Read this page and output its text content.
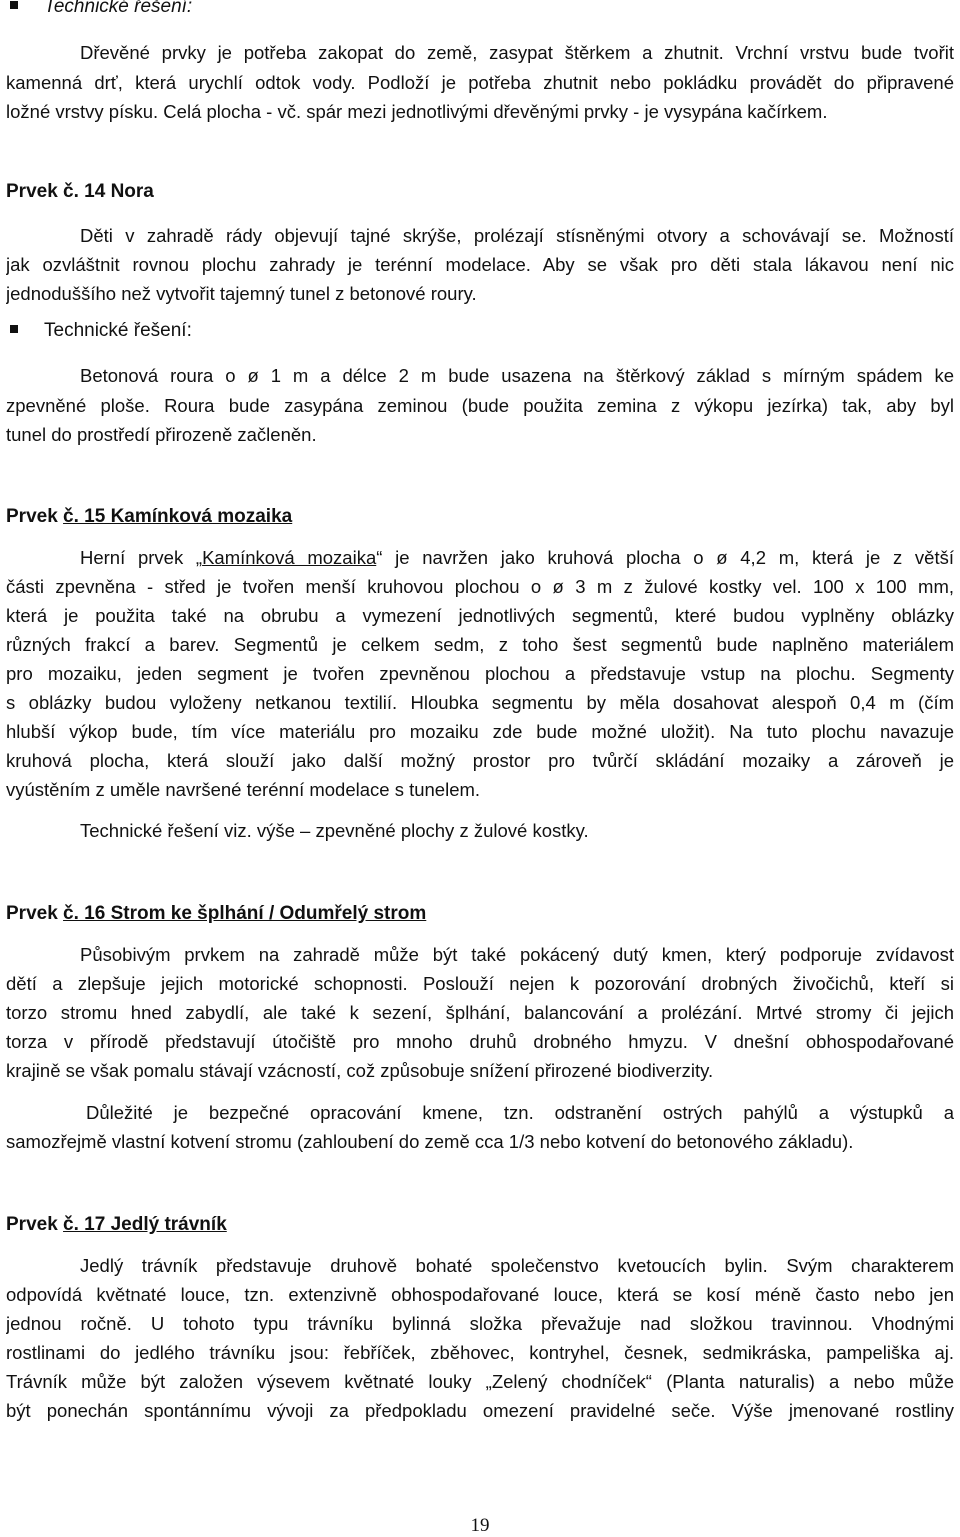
Technické řešení:
Dřevěné prvky je potřeba zakopat do země, zasypat štěrkem a zhutnit. Vrchní vrstvu bude tvořit
kamenná drť, která urychlí odtok vody. Podloží je potřeba zhutnit nebo pokládku provádět do připravené
ložné vrstvy písku. Celá plocha - vč. spár mezi jednotlivými dřevěnými prvky - je vysypána kačírkem.
Prvek č. 14 Nora
Děti v zahradě rády objevují tajné skrýše, prolézají stísněnými otvory a schovávají se. Možností
jak ozvláštnit rovnou plochu zahrady je terénní modelace. Aby se však pro děti stala lákavou není nic
jednoduššího než vytvořit tajemný tunel z betonové roury.
Technické řešení:
Betonová roura o ø 1 m a délce 2 m bude usazena na štěrkový základ s mírným spádem ke
zpevněné ploše. Roura bude zasypána zeminou (bude použita zemina z výkopu jezírka) tak, aby byl
tunel do prostředí přirozeně začleněn.
Prvek č. 15 Kamínková mozaika
Herní prvek „Kamínková mozaika“ je navržen jako kruhová plocha o ø 4,2 m, která je z větší
části zpevněna - střed je tvořen menší kruhovou plochou o ø 3 m z žulové kostky vel. 100 x 100 mm,
která je použita také na obrubu a vymezení jednotlivých segmentů, které budou vyplněny oblázky
různých frakcí a barev. Segmentů je celkem sedm, z toho šest segmentů bude naplněno materiálem
pro mozaiku, jeden segment je tvořen zpevněnou plochou a představuje vstup na plochu. Segmenty
s oblázky budou vyloženy netkanou textilií. Hloubka segmentu by měla dosahovat alespoň 0,4 m (čím
hlubší výkop bude, tím více materiálu pro mozaiku zde bude možné uložit). Na tuto plochu navazuje
kruhová plocha, která slouží jako další možný prostor pro tvůrčí skládání mozaiky a zároveň je
vyústěním z uměle navršené terénní modelace s tunelem.
Technické řešení viz. výše – zpevněné plochy z žulové kostky.
Prvek č. 16 Strom ke šplhání / Odumřelý strom
Působivým prvkem na zahradě může být také pokácený dutý kmen, který podporuje zvídavost
dětí a zlepšuje jejich motorické schopnosti. Poslouží nejen k pozorování drobných živočichů, kteří si
torzo stromu hned zabydlí, ale také k sezení, šplhání, balancování a prolézání. Mrtvé stromy či jejich
torza v přírodě představují útočiště pro mnoho druhů drobného hmyzu. V dnešní obhospodařované
krajině se však pomalu stávají vzácností, což způsobuje snížení přirozené biodiverzity.
Důležité je bezpečné opracování kmene, tzn. odstranění ostrých pahýlů a výstupků a
samozřejmě vlastní kotvení stromu (zahloubení do země cca 1/3 nebo kotvení do betonového základu).
Prvek č. 17 Jedlý trávník
Jedlý trávník představuje druhově bohaté společenstvo kvetoucích bylin. Svým charakterem
odpovídá květnaté louce, tzn. extenzivně obhospodařované louce, která se kosí méně často nebo jen
jednou ročně. U tohoto typu trávníku bylinná složka převažuje nad složkou travinnou. Vhodnými
rostlinami do jedlého trávníku jsou: řebříček, zběhovec, kontryhel, česnek, sedmikráska, pampeliška aj.
Trávník může být založen výsevem květnaté louky „Zelený chodníček“ (Planta naturalis) a nebo může
být ponechán spontánnímu vývoji za předpokladu omezení pravidelné seče. Výše jmenované rostliny
19
